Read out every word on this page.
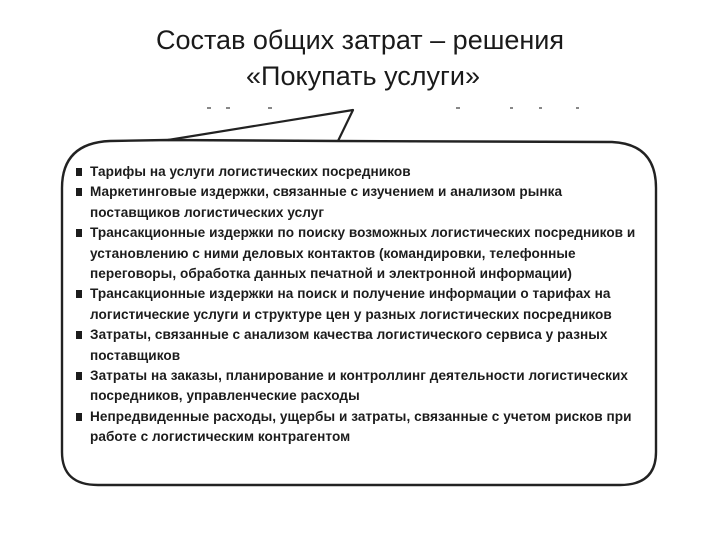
Состав общих затрат – решения
«Покупать услуги»
Тарифы на услуги логистических посредников
Маркетинговые издержки, связанные с изучением и анализом рынка поставщиков логистических услуг
Трансакционные издержки по поиску возможных логистических посредников и установлению с ними деловых контактов (командировки, телефонные переговоры, обработка данных печатной и электронной информации)
Трансакционные издержки на поиск и получение информации о тарифах на логистические услуги и структуре цен у разных логистических посредников
Затраты, связанные с анализом качества логистического сервиса у разных поставщиков
Затраты на заказы, планирование и контроллинг деятельности логистических посредников, управленческие расходы
Непредвиденные расходы, ущербы и затраты, связанные с учетом рисков при работе с логистическим контрагентом
